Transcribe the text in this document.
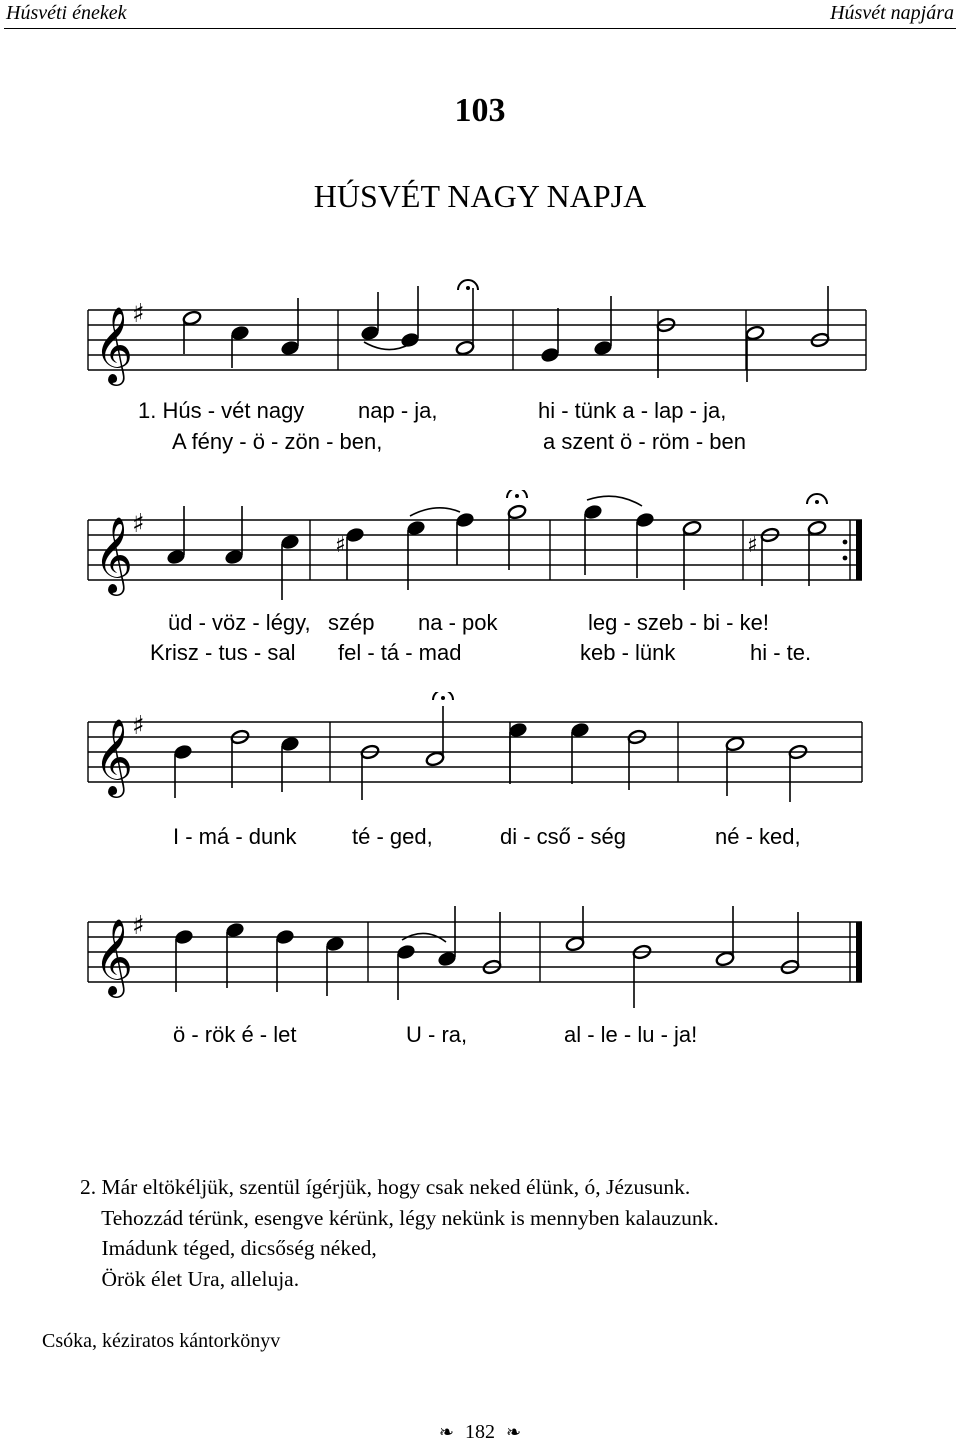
Húsvéti énekek	Húsvét napjára
103
HÚSVÉT NAGY NAPJA
𝄞
♯
1. Hús - vét nagy nap - ja,	hi - tünk a - lap - ja,
A fény - ö - zön - ben,	a szent ö - röm - ben
𝄞
♯
♯	♯
üd - vöz - légy, szép na - pok	leg - szeb - bi - ke!
Krisz - tus - sal fel - tá - mad	keb - lünk	hi - te.
𝄞
♯
I - má - dunk	té - ged,	di - cső - ség	né - ked,
𝄞
♯
ö - rök é - let	U - ra,	al - le - lu - ja!
2. Már eltökéljük, szentül ígérjük, hogy csak neked élünk, ó, Jézusunk.
Tehozzád térünk, esengve kérünk, légy nekünk is mennyben kalauzunk.
Imádunk téged, dicsőség néked,
Örök élet Ura, alleluja.
Csóka, kéziratos kántorkönyv
❧ 182 ❧
